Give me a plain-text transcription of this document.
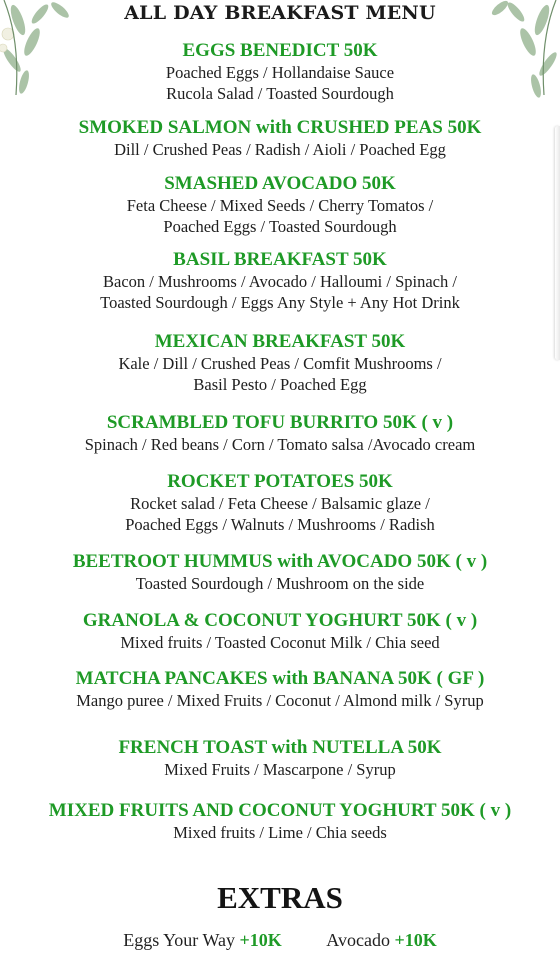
ALL DAY BREAKFAST MENU
EGGS BENEDICT 50K
Poached Eggs / Hollandaise Sauce
Rucola Salad / Toasted Sourdough
SMOKED SALMON with CRUSHED PEAS 50K
Dill / Crushed Peas / Radish / Aioli / Poached Egg
SMASHED AVOCADO 50K
Feta Cheese / Mixed Seeds / Cherry Tomatos /
Poached Eggs / Toasted Sourdough
BASIL BREAKFAST 50K
Bacon / Mushrooms / Avocado / Halloumi / Spinach /
Toasted Sourdough / Eggs Any Style + Any Hot Drink
MEXICAN BREAKFAST 50K
Kale / Dill / Crushed Peas / Comfit Mushrooms /
Basil Pesto / Poached Egg
SCRAMBLED TOFU BURRITO 50K ( v )
Spinach / Red beans / Corn / Tomato salsa /Avocado cream
ROCKET POTATOES 50K
Rocket salad / Feta Cheese / Balsamic glaze /
Poached Eggs / Walnuts / Mushrooms / Radish
BEETROOT HUMMUS with AVOCADO 50K ( v )
Toasted Sourdough / Mushroom on the side
GRANOLA & COCONUT YOGHURT 50K ( v )
Mixed fruits / Toasted Coconut Milk / Chia seed
MATCHA PANCAKES with BANANA 50K ( GF )
Mango puree / Mixed Fruits / Coconut / Almond milk / Syrup
FRENCH TOAST with NUTELLA 50K
Mixed Fruits / Mascarpone / Syrup
MIXED FRUITS AND COCONUT YOGHURT 50K ( v )
Mixed fruits / Lime / Chia seeds
EXTRAS
Eggs Your Way +10K Avocado +10K
